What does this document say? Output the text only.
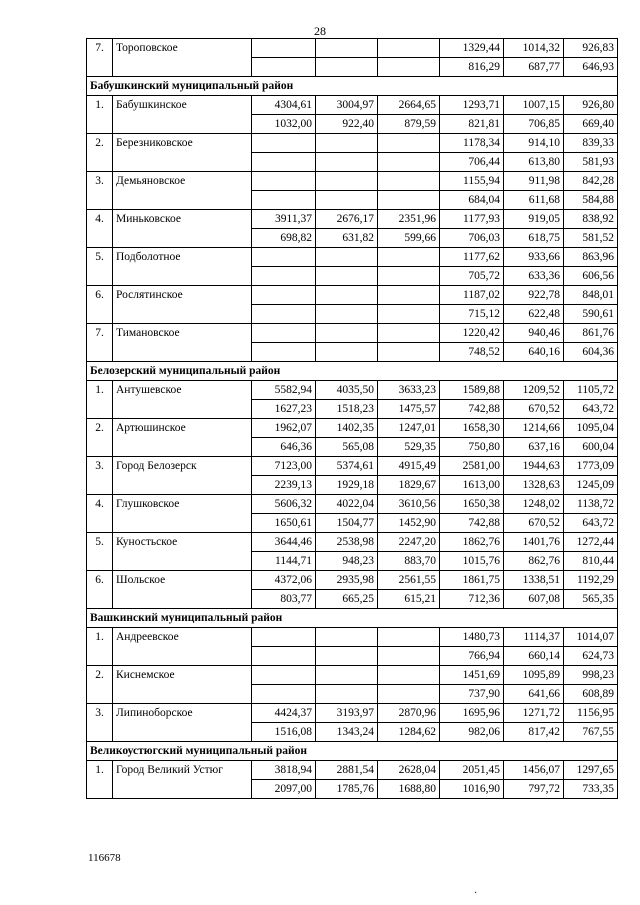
28
7.	Тороповское				1329,44	1014,32	926,83
					816,29	687,77	646,93
Бабушкинский муниципальный район							
1.	Бабушкинское	4304,61	3004,97	2664,65	1293,71	1007,15	926,80
		1032,00	922,40	879,59	821,81	706,85	669,40
2.	Березниковское				1178,34	914,10	839,33
					706,44	613,80	581,93
3.	Демьяновское				1155,94	911,98	842,28
					684,04	611,68	584,88
4.	Миньковское	3911,37	2676,17	2351,96	1177,93	919,05	838,92
		698,82	631,82	599,66	706,03	618,75	581,52
5.	Подболотное				1177,62	933,66	863,96
					705,72	633,36	606,56
6.	Рослятинское				1187,02	922,78	848,01
					715,12	622,48	590,61
7.	Тимановское				1220,42	940,46	861,76
					748,52	640,16	604,36
Белозерский муниципальный район							
1.	Антушевское	5582,94	4035,50	3633,23	1589,88	1209,52	1105,72
		1627,23	1518,23	1475,57	742,88	670,52	643,72
2.	Артюшинское	1962,07	1402,35	1247,01	1658,30	1214,66	1095,04
		646,36	565,08	529,35	750,80	637,16	600,04
3.	Город Белозерск	7123,00	5374,61	4915,49	2581,00	1944,63	1773,09
		2239,13	1929,18	1829,67	1613,00	1328,63	1245,09
4.	Глушковское	5606,32	4022,04	3610,56	1650,38	1248,02	1138,72
		1650,61	1504,77	1452,90	742,88	670,52	643,72
5.	Куностьское	3644,46	2538,98	2247,20	1862,76	1401,76	1272,44
		1144,71	948,23	883,70	1015,76	862,76	810,44
6.	Шольское	4372,06	2935,98	2561,55	1861,75	1338,51	1192,29
		803,77	665,25	615,21	712,36	607,08	565,35
Вашкинский муниципальный район							
1.	Андреевское				1480,73	1114,37	1014,07
					766,94	660,14	624,73
2.	Киснемское				1451,69	1095,89	998,23
					737,90	641,66	608,89
3.	Липиноборское	4424,37	3193,97	2870,96	1695,96	1271,72	1156,95
		1516,08	1343,24	1284,62	982,06	817,42	767,55
Великоустюгский муниципальный район							
1.	Город Великий Устюг	3818,94	2881,54	2628,04	2051,45	1456,07	1297,65
		2097,00	1785,76	1688,80	1016,90	797,72	733,35
116678
·
